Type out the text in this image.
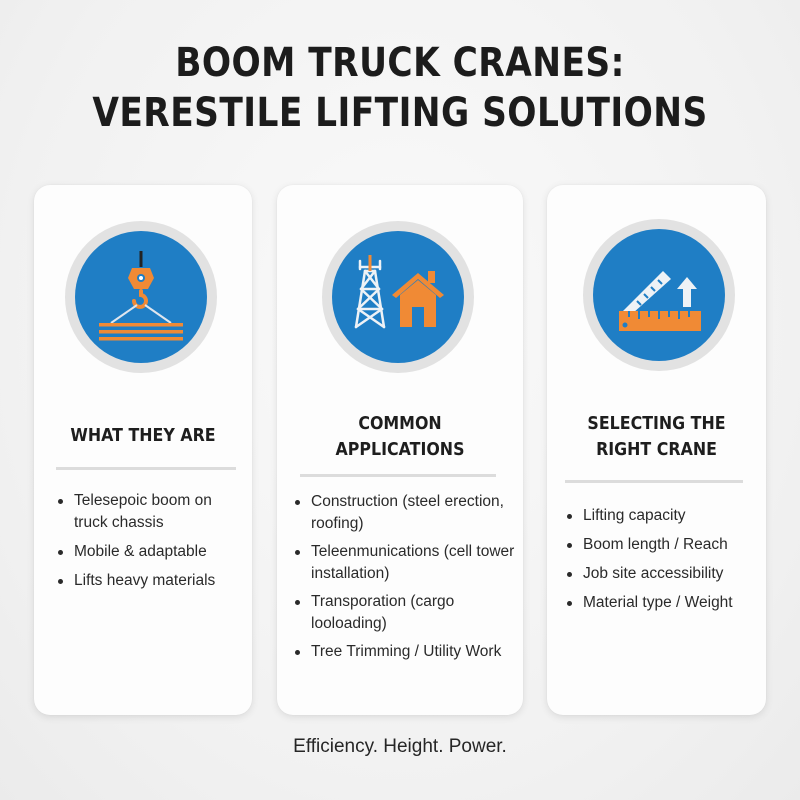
BOOM TRUCK CRANES:
VERESTILE LIFTING SOLUTIONS
WHAT THEY ARE
Telesepoic boom on truck chassis
Mobile & adaptable
Lifts heavy materials
COMMON
APPLICATIONS
Construction (steel erection, roofing)
Teleenmunications (cell tower installation)
Transporation (cargo looloading)
Tree Trimming / Utility Work
SELECTING THE
RIGHT CRANE
Lifting capacity
Boom length / Reach
Job site accessibility
Material type / Weight

Efficiency. Height. Power.
